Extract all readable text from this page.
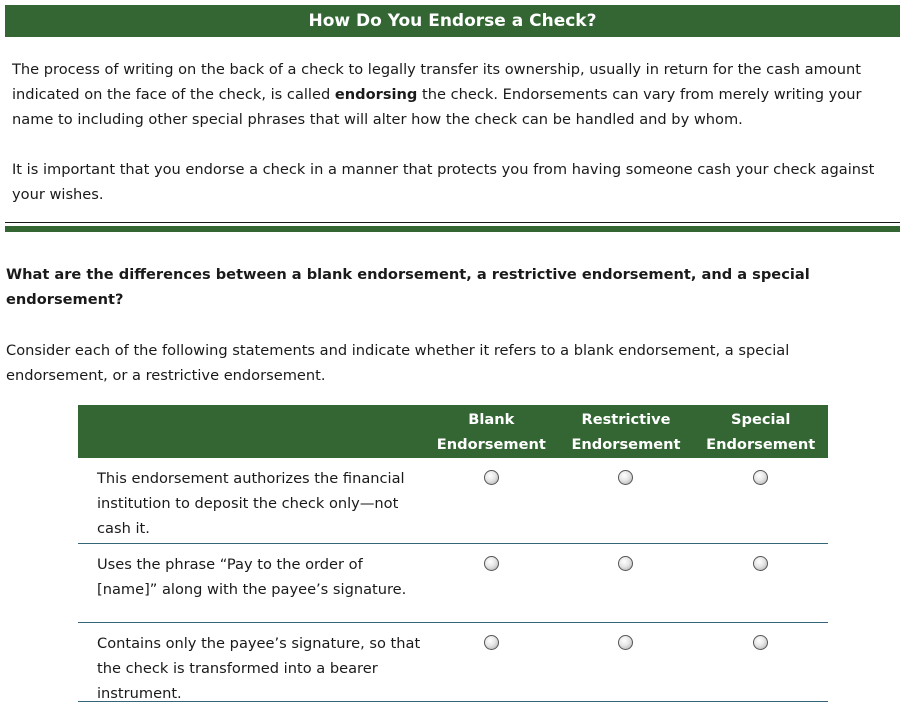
How Do You Endorse a Check?

The process of writing on the back of a check to legally transfer its ownership, usually in return for the cash amount indicated on the face of the check, is called endorsing the check. Endorsements can vary from merely writing your name to including other special phrases that will alter how the check can be handled and by whom.

It is important that you endorse a check in a manner that protects you from having someone cash your check against your wishes.

What are the differences between a blank endorsement, a restrictive endorsement, and a special endorsement?

Consider each of the following statements and indicate whether it refers to a blank endorsement, a special endorsement, or a restrictive endorsement.

Blank
Endorsement
Restrictive
Endorsement
Special
Endorsement
This endorsement authorizes the financial institution to deposit the check only—not cash it.
Uses the phrase “Pay to the order of [name]” along with the payee’s signature.
Contains only the payee’s signature, so that the check is transformed into a bearer instrument.
